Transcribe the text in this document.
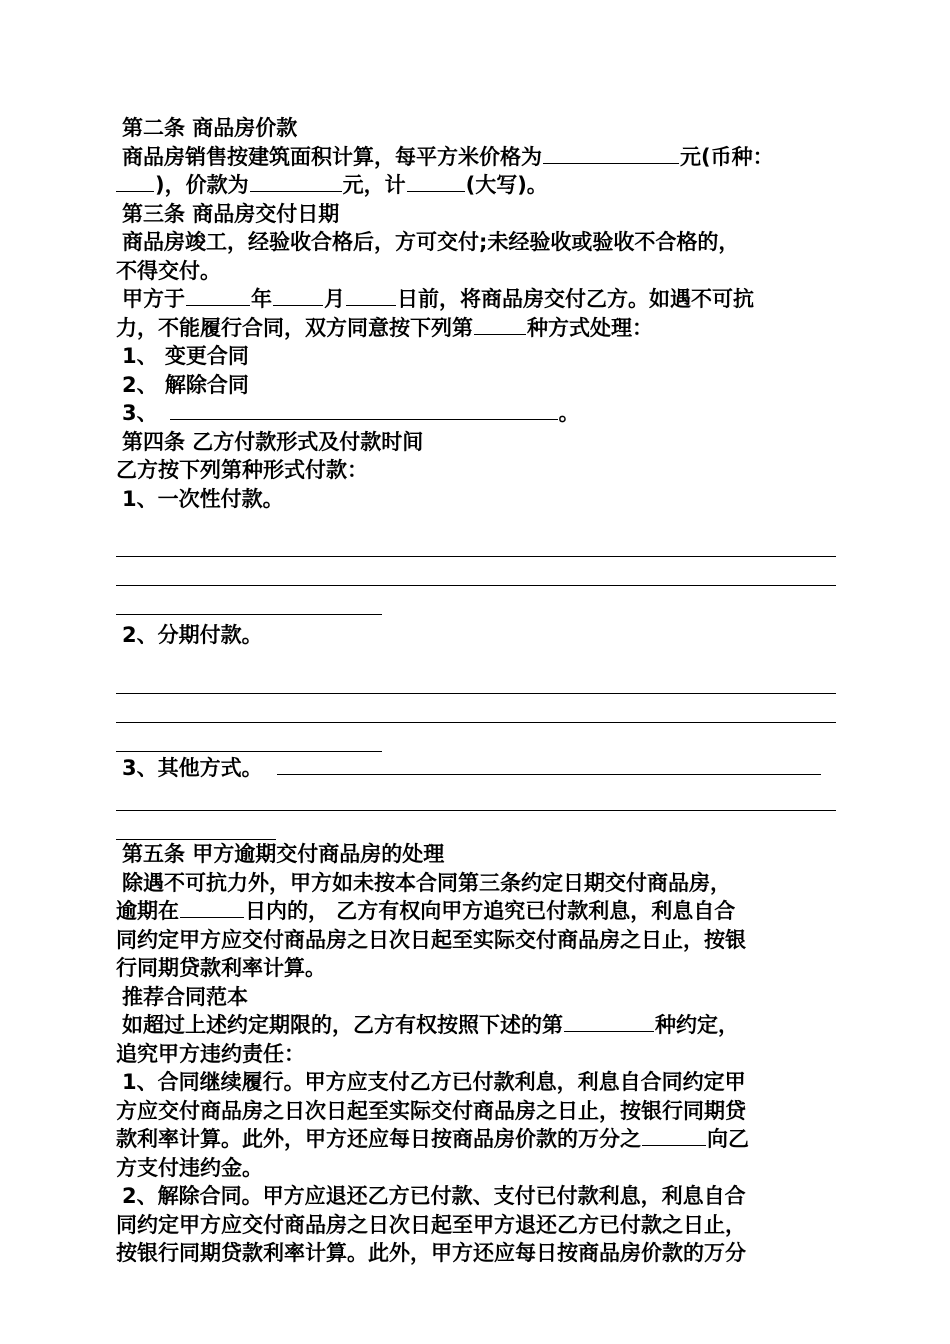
第二条 商品房价款

商品房销售按建筑面积计算，每平方米价格为	元(币种：

)，价款为	元，计	(大写)。

第三条 商品房交付日期

商品房竣工，经验收合格后，方可交付;未经验收或验收不合格的，

不得交付。

甲方于	年 月 日前，将商品房交付乙方。如遇不可抗

力，不能履行合同，双方同意按下列第	种方式处理：

1、 变更合同

2、 解除合同

3、	。

第四条 乙方付款形式及付款时间

乙方按下列第种形式付款：

1、一次性付款。

2、分期付款。

3、其他方式。

第五条 甲方逾期交付商品房的处理

除遇不可抗力外，甲方如未按本合同第三条约定日期交付商品房，

逾期在	日内的， 乙方有权向甲方追究已付款利息，利息自合

同约定甲方应交付商品房之日次日起至实际交付商品房之日止，按银

行同期贷款利率计算。

推荐合同范本

如超过上述约定期限的，乙方有权按照下述的第	种约定，

追究甲方违约责任：

1、合同继续履行。甲方应支付乙方已付款利息，利息自合同约定甲

方应交付商品房之日次日起至实际交付商品房之日止，按银行同期贷

款利率计算。此外，甲方还应每日按商品房价款的万分之	向乙

方支付违约金。

2、解除合同。甲方应退还乙方已付款、支付已付款利息，利息自合

同约定甲方应交付商品房之日次日起至甲方退还乙方已付款之日止，

按银行同期贷款利率计算。此外，甲方还应每日按商品房价款的万分
